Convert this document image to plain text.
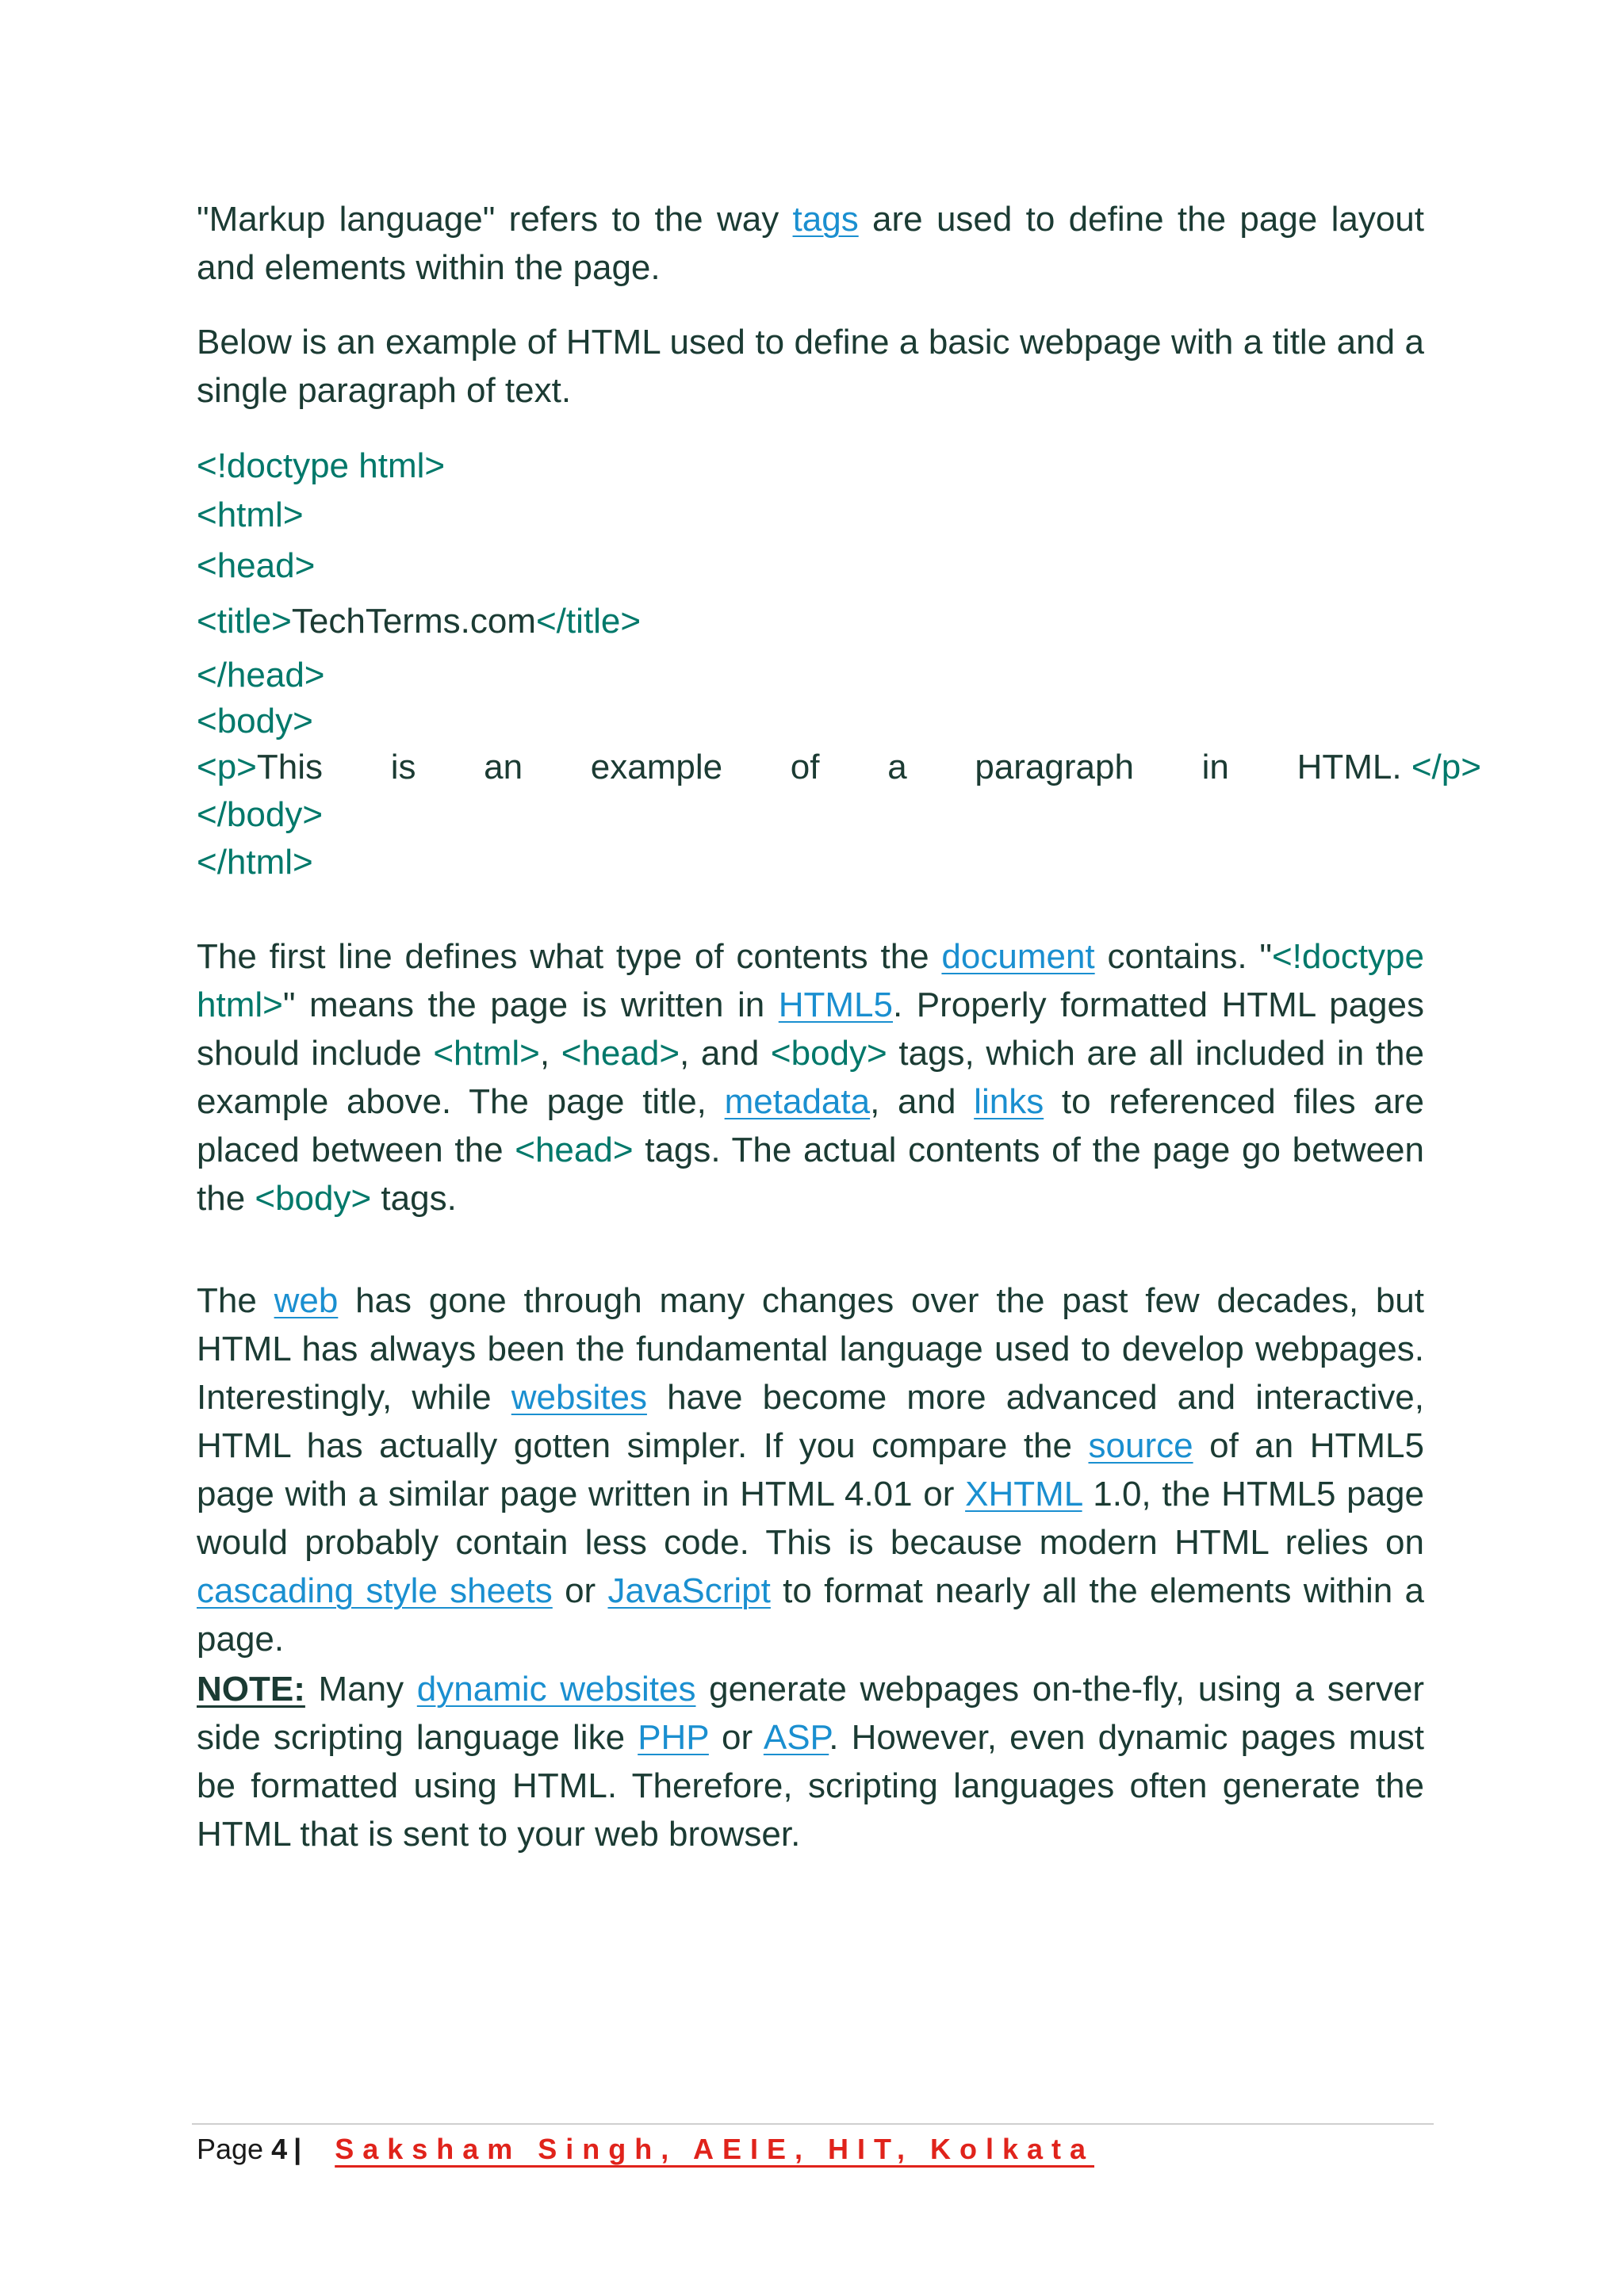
"Markup language" refers to the way tags are used to define the page layout and elements within the page.
Below is an example of HTML used to define a basic webpage with a title and a single paragraph of text.
<!doctype html>
<html>
<head>
<title>TechTerms.com</title>
</head>
<body>
<p>This is an example of a paragraph in HTML. </p>
</body>
</html>
The first line defines what type of contents the document contains. "<!doctype html>" means the page is written in HTML5. Properly formatted HTML pages should include <html>, <head>, and <body> tags, which are all included in the example above. The page title, metadata, and links to referenced files are placed between the <head> tags. The actual contents of the page go between the <body> tags.
The web has gone through many changes over the past few decades, but HTML has always been the fundamental language used to develop webpages. Interestingly, while websites have become more advanced and interactive, HTML has actually gotten simpler. If you compare the source of an HTML5 page with a similar page written in HTML 4.01 or XHTML 1.0, the HTML5 page would probably contain less code. This is because modern HTML relies on cascading style sheets or JavaScript to format nearly all the elements within a page.
NOTE: Many dynamic websites generate webpages on-the-fly, using a server side scripting language like PHP or ASP. However, even dynamic pages must be formatted using HTML. Therefore, scripting languages often generate the HTML that is sent to your web browser.
Page 4 | Saksham Singh, AEIE, HIT, Kolkata
